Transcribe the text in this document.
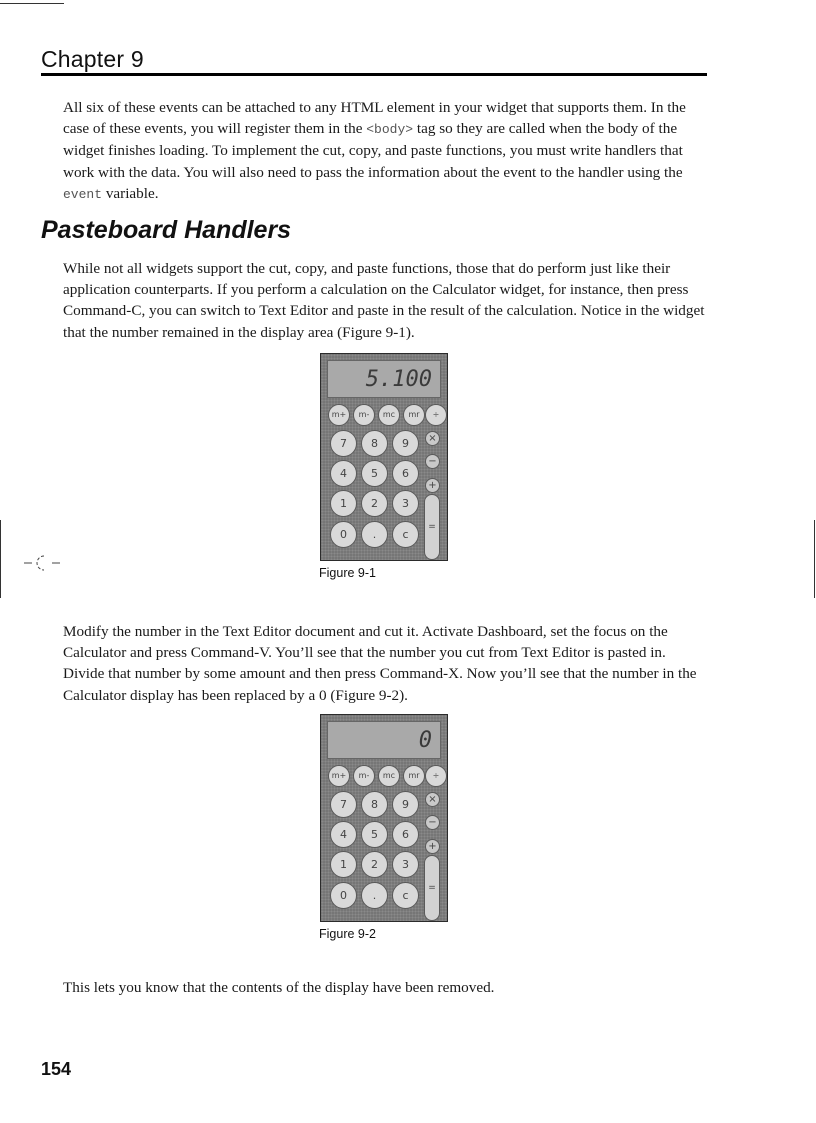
Chapter 9
All six of these events can be attached to any HTML element in your widget that supports them. In the case of these events, you will register them in the <body> tag so they are called when the body of the widget finishes loading. To implement the cut, copy, and paste functions, you must write handlers that work with the data. You will also need to pass the information about the event to the handler using the event variable.
Pasteboard Handlers
While not all widgets support the cut, copy, and paste functions, those that do perform just like their application counterparts. If you perform a calculation on the Calculator widget, for instance, then press Command-C, you can switch to Text Editor and paste in the result of the calculation. Notice in the widget that the number remained in the display area (Figure 9-1).
5.100
m+	m-	mc	mr	÷
7	8	9	×
4	5	6
−
1	2	3
+
0	.	c
=
Figure 9-1
Modify the number in the Text Editor document and cut it. Activate Dashboard, set the focus on the Calculator and press Command-V. You’ll see that the number you cut from Text Editor is pasted in. Divide that number by some amount and then press Command-X. Now you’ll see that the number in the Calculator display has been replaced by a 0 (Figure 9-2).
0
m+	m-	mc	mr	÷
7	8	9	×
4	5	6
−
1	2	3
+
0	.	c
=
Figure 9-2
This lets you know that the contents of the display have been removed.
154
